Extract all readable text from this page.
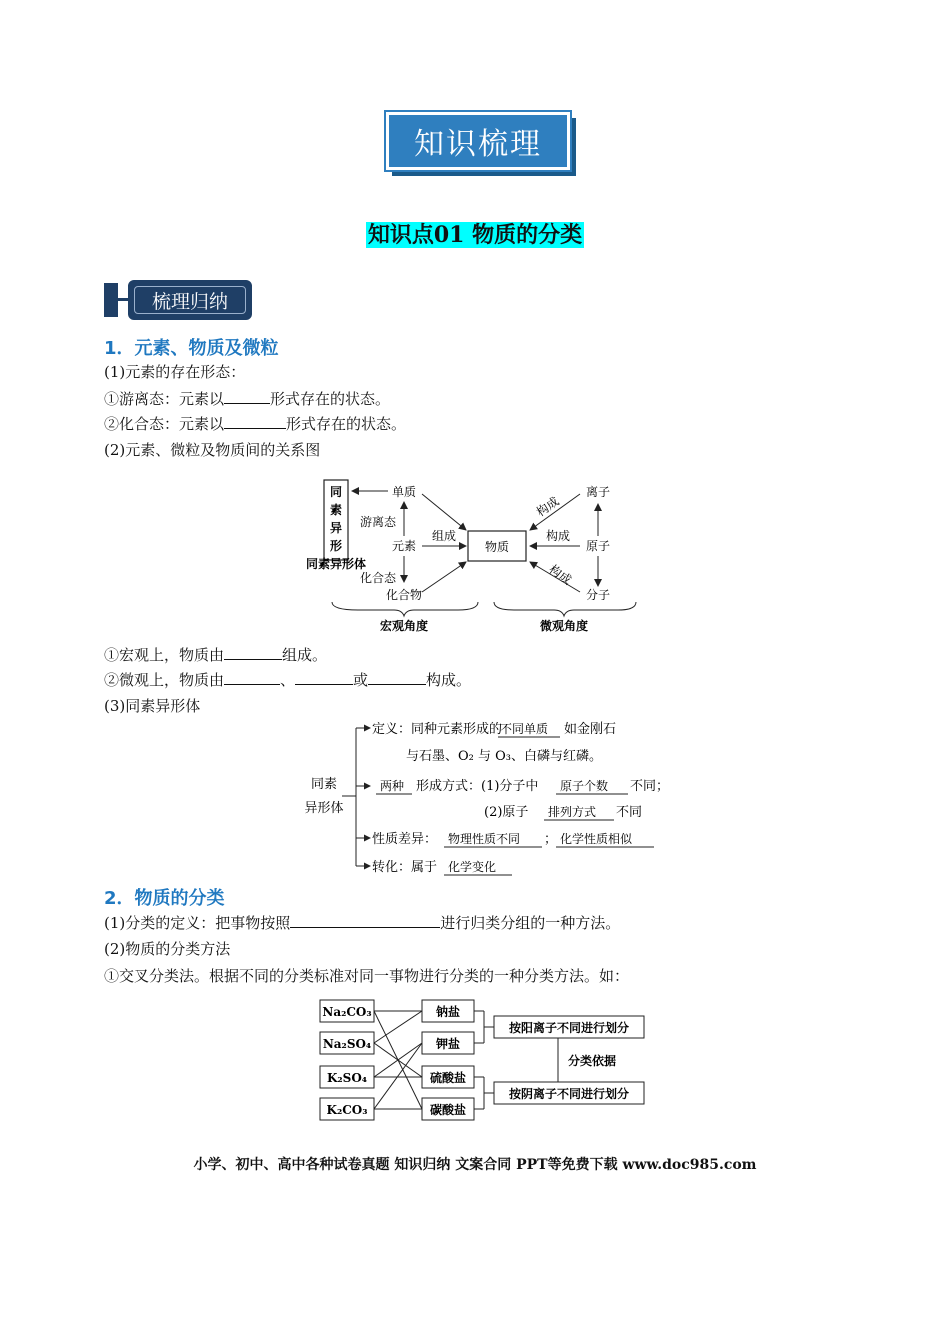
知识梳理
知识点01 物质的分类
梳理归纳
1．元素、物质及微粒
(1)元素的存在形态：
①游离态：元素以	形式存在的状态。
②化合态：元素以	形式存在的状态。
(2)元素、微粒及物质间的关系图
同
素
异
形
同素异形体
单质
游离态
元素
化合态
化合物
组成
物质
构成
构成
构成
离子
原子
分子
宏观角度	微观角度
①宏观上，物质由	组成。
②微观上，物质由	、	或	构成。
(3)同素异形体
同素
异形体
定义：同种元素形成的
不同单质 如金刚石
与石墨、O₂ 与 O₃、白磷与红磷。
两种 形成方式：(1)分子中 原子个数 不同；
(2)原子 排列方式 不同
性质差异： 物理性质不同 ； 化学性质相似
转化：属于 化学变化
2．物质的分类
(1)分类的定义：把事物按照	进行归类分组的一种方法。
(2)物质的分类方法
①交叉分类法。根据不同的分类标准对同一事物进行分类的一种分类方法。如：
Na₂CO₃
Na₂SO₄
K₂SO₄
K₂CO₃
钠盐
钾盐
硫酸盐
碳酸盐
按阳离子不同进行划分
按阴离子不同进行划分
分类依据
小学、初中、高中各种试卷真题 知识归纳 文案合同 PPT等免费下载 www.doc985.com
